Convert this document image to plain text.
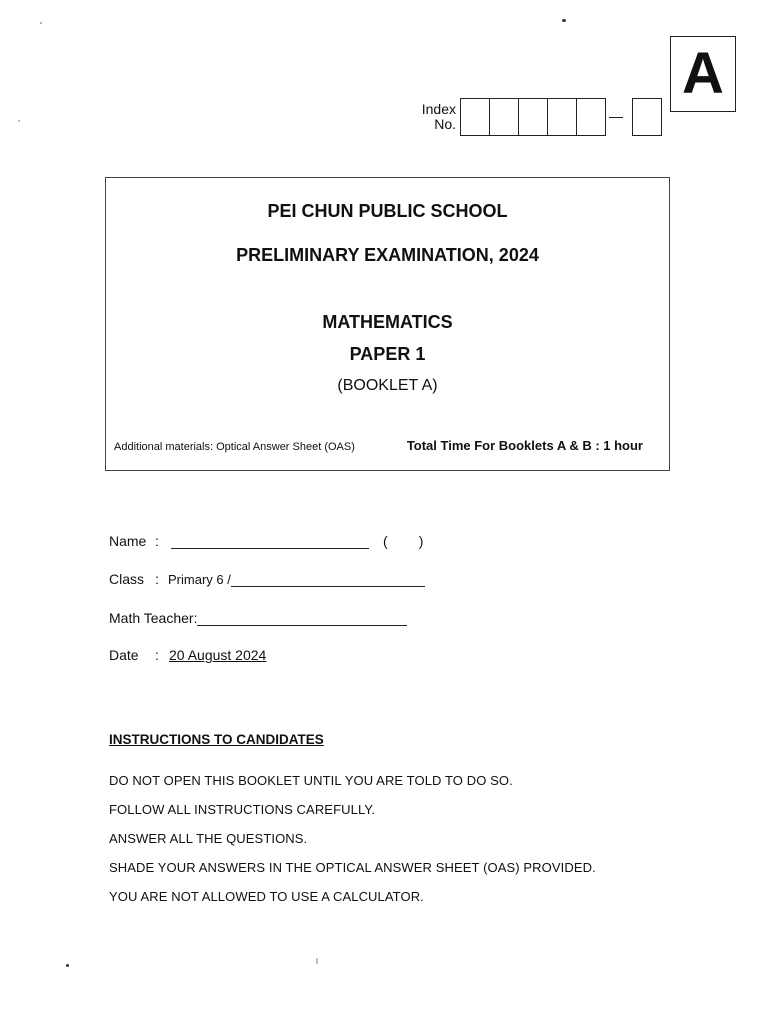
A
Index
No.
PEI CHUN PUBLIC SCHOOL
PRELIMINARY EXAMINATION, 2024
MATHEMATICS
PAPER 1
(BOOKLET A)
Additional materials: Optical Answer Sheet (OAS)	Total Time For Booklets A & B : 1 hour
Name :	(        )
Class : Primary 6 /
Math Teacher:
Date	: 20 August 2024
INSTRUCTIONS TO CANDIDATES
DO NOT OPEN THIS BOOKLET UNTIL YOU ARE TOLD TO DO SO.
FOLLOW ALL INSTRUCTIONS CAREFULLY.
ANSWER ALL THE QUESTIONS.
SHADE YOUR ANSWERS IN THE OPTICAL ANSWER SHEET (OAS) PROVIDED.
YOU ARE NOT ALLOWED TO USE A CALCULATOR.
